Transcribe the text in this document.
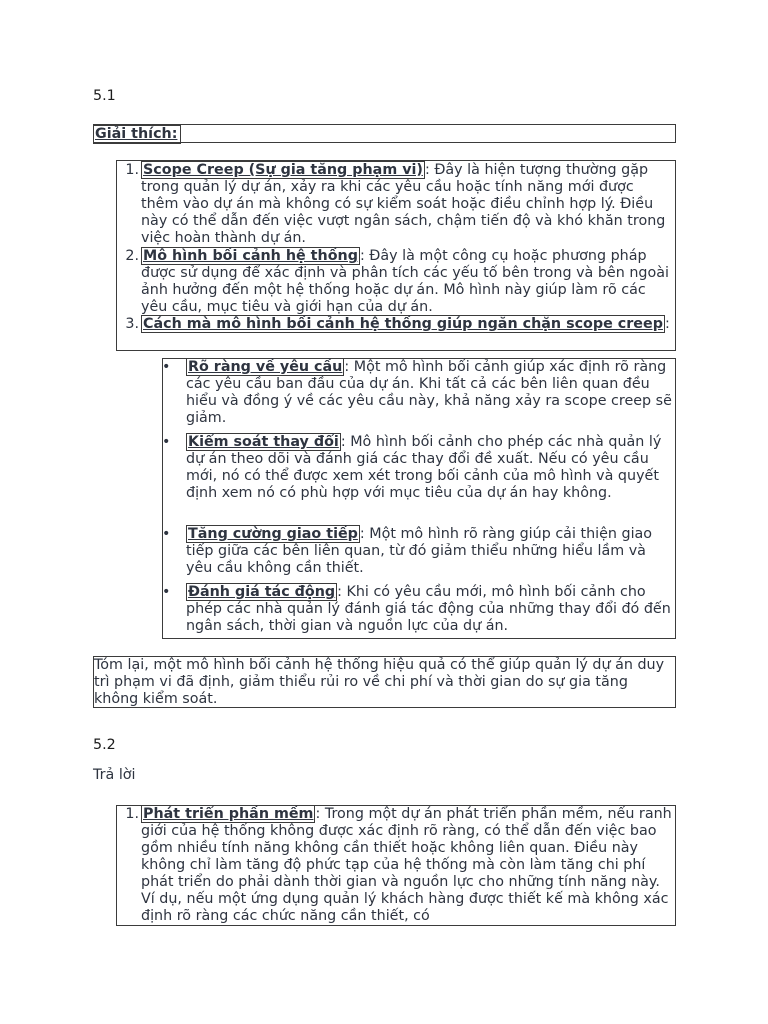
5.1
Giải thích:
1. Scope Creep (Sự gia tăng phạm vi) : Đây là hiện tượng thường gặp trong quản lý dự án, xảy ra khi các yêu cầu hoặc tính năng mới được thêm vào dự án mà không có sự kiểm soát hoặc điều chỉnh hợp lý. Điều này có thể dẫn đến việc vượt ngân sách, chậm tiến độ và khó khăn trong việc hoàn thành dự án.
2. Mô hình bối cảnh hệ thống : Đây là một công cụ hoặc phương pháp được sử dụng để xác định và phân tích các yếu tố bên trong và bên ngoài ảnh hưởng đến một hệ thống hoặc dự án. Mô hình này giúp làm rõ các yêu cầu, mục tiêu và giới hạn của dự án.
3. Cách mà mô hình bối cảnh hệ thống giúp ngăn chặn scope creep :
• Rõ ràng về yêu cầu : Một mô hình bối cảnh giúp xác định rõ ràng các yêu cầu ban đầu của dự án. Khi tất cả các bên liên quan đều hiểu và đồng ý về các yêu cầu này, khả năng xảy ra scope creep sẽ giảm.
• Kiểm soát thay đổi : Mô hình bối cảnh cho phép các nhà quản lý dự án theo dõi và đánh giá các thay đổi đề xuất. Nếu có yêu cầu mới, nó có thể được xem xét trong bối cảnh của mô hình và quyết định xem nó có phù hợp với mục tiêu của dự án hay không.
• Tăng cường giao tiếp : Một mô hình rõ ràng giúp cải thiện giao tiếp giữa các bên liên quan, từ đó giảm thiểu những hiểu lầm và yêu cầu không cần thiết.
• Đánh giá tác động : Khi có yêu cầu mới, mô hình bối cảnh cho phép các nhà quản lý đánh giá tác động của những thay đổi đó đến ngân sách, thời gian và nguồn lực của dự án.
Tóm lại, một mô hình bối cảnh hệ thống hiệu quả có thể giúp quản lý dự án duy trì phạm vi đã định, giảm thiểu rủi ro về chi phí và thời gian do sự gia tăng không kiểm soát.
5.2
Trả lời
1. Phát triển phần mềm : Trong một dự án phát triển phần mềm, nếu ranh giới của hệ thống không được xác định rõ ràng, có thể dẫn đến việc bao gồm nhiều tính năng không cần thiết hoặc không liên quan. Điều này không chỉ làm tăng độ phức tạp của hệ thống mà còn làm tăng chi phí phát triển do phải dành thời gian và nguồn lực cho những tính năng này. Ví dụ, nếu một ứng dụng quản lý khách hàng được thiết kế mà không xác định rõ ràng các chức năng cần thiết, có
